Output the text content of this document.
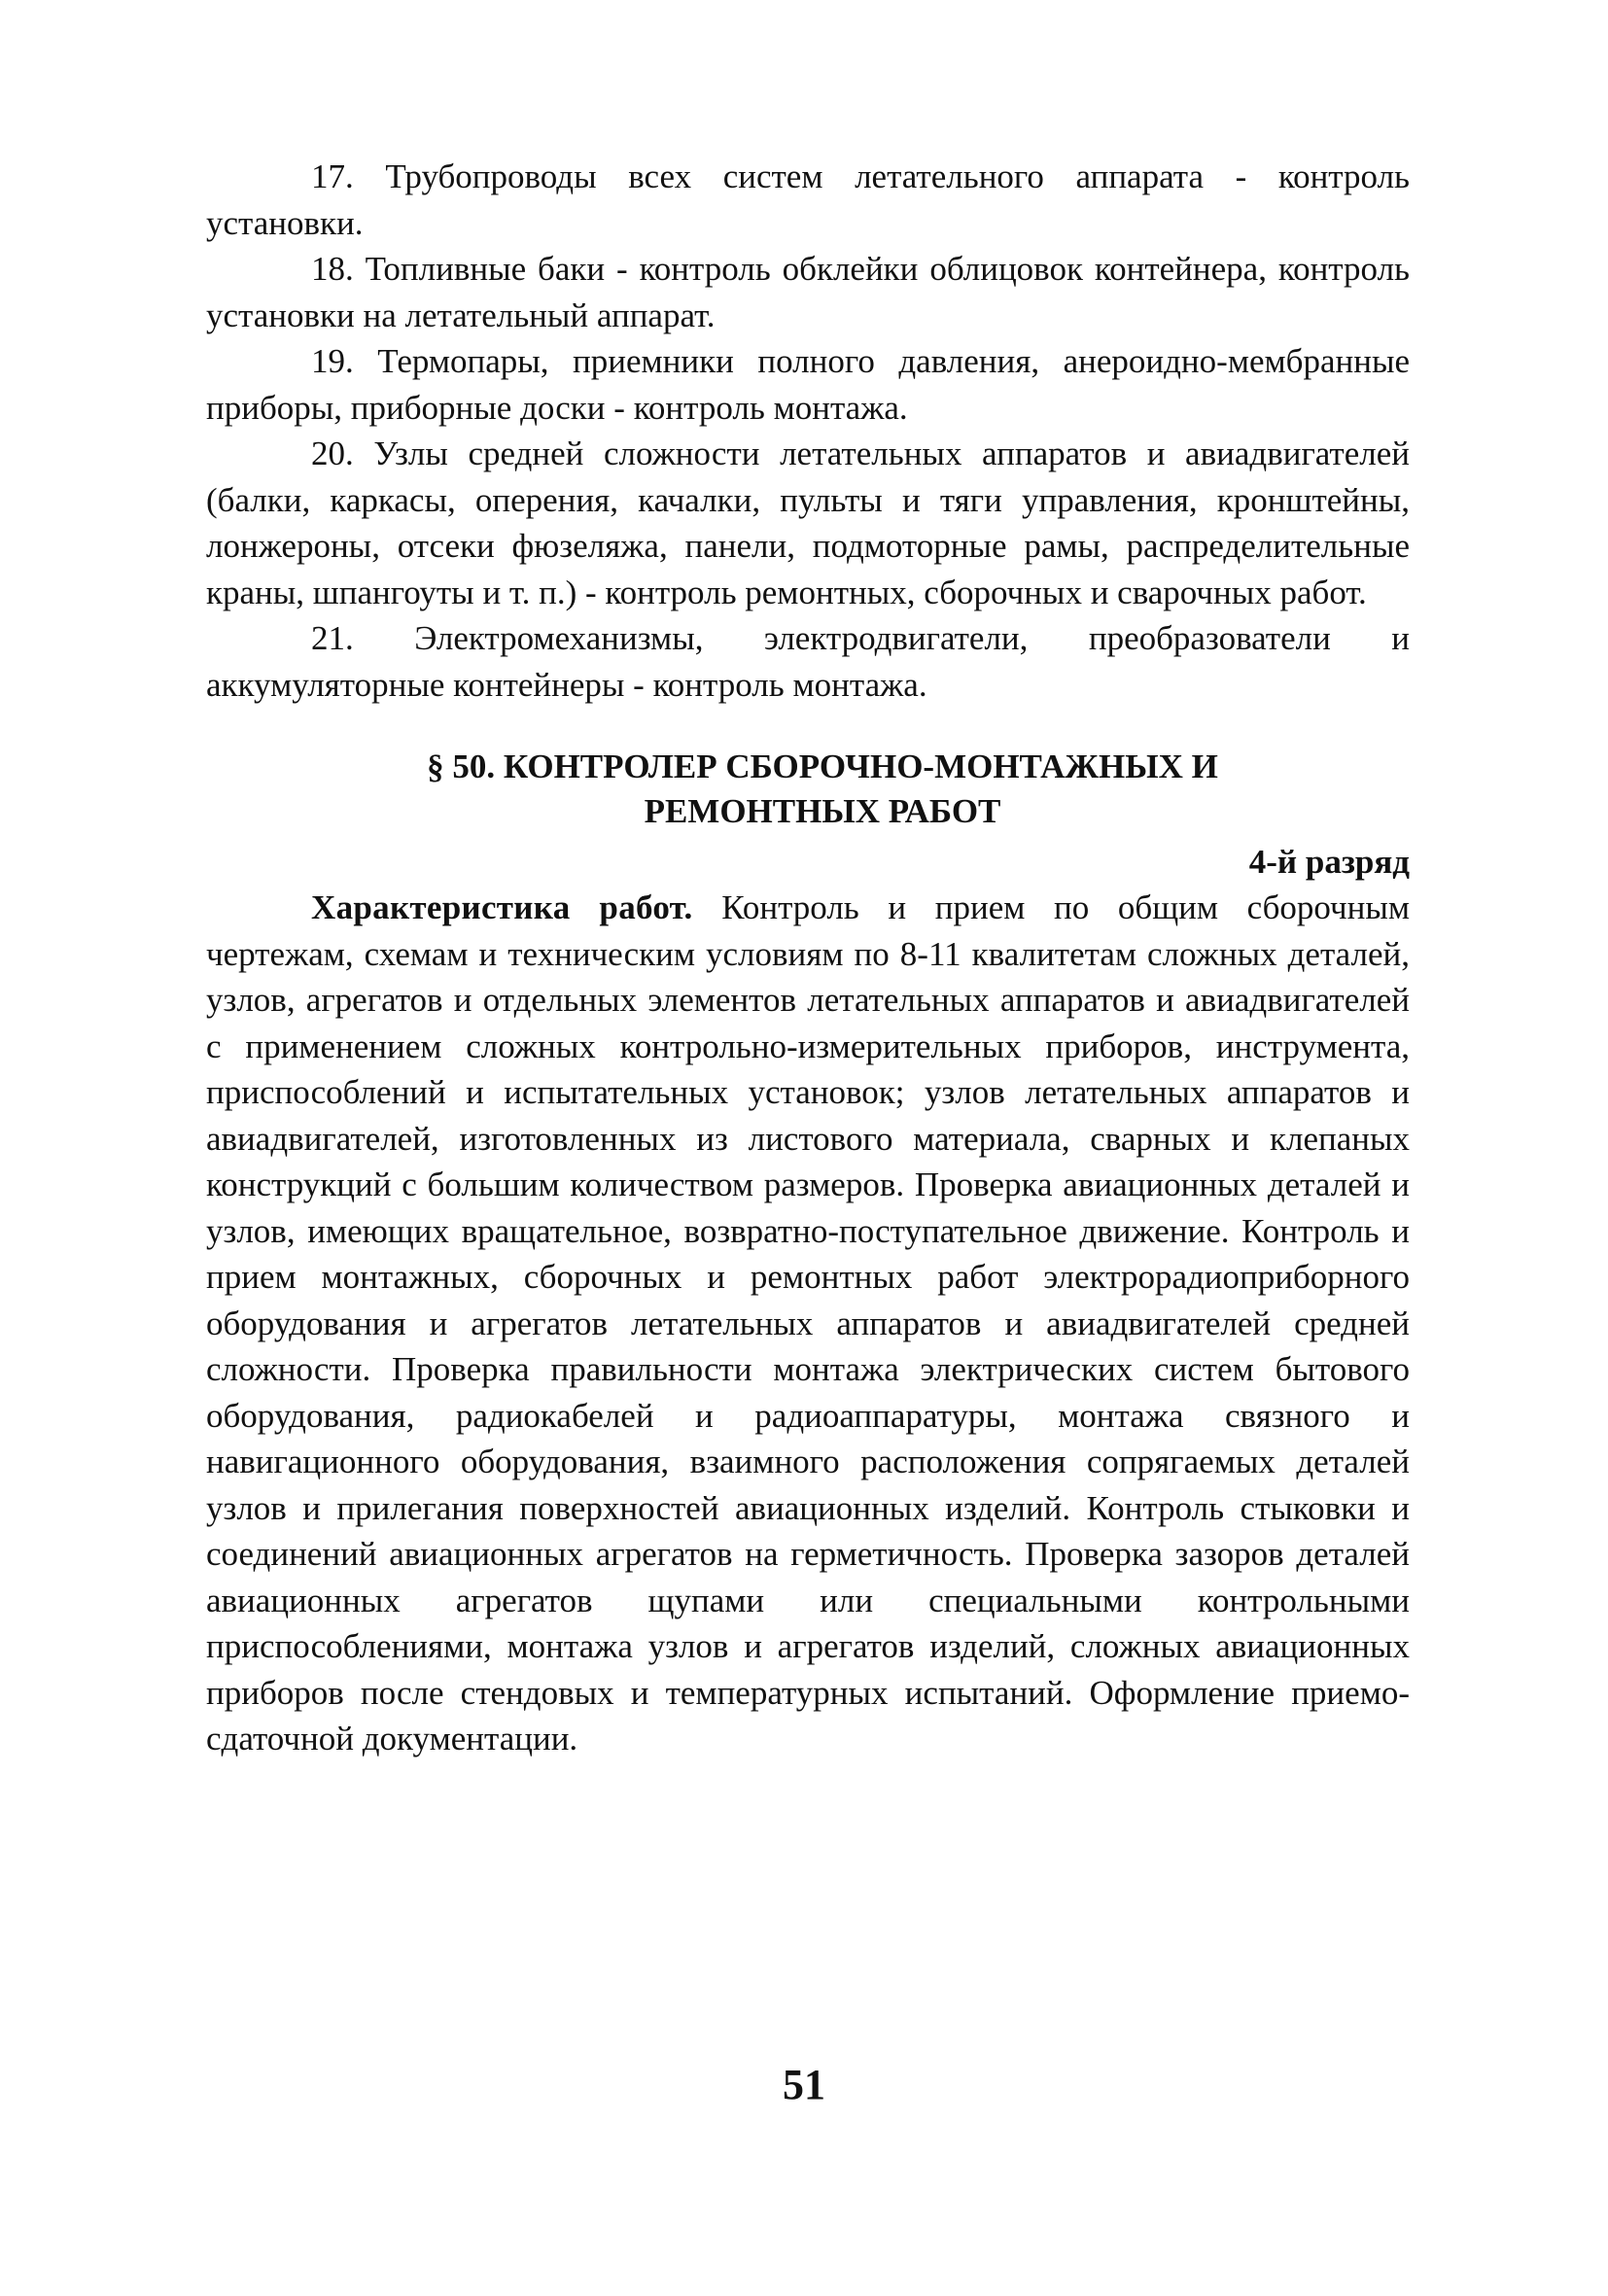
17. Трубопроводы всех систем летательного аппарата - контроль установки.

18. Топливные баки - контроль обклейки облицовок контейнера, контроль установки на летательный аппарат.

19. Термопары, приемники полного давления, анероидно-мембранные приборы, приборные доски - контроль монтажа.

20. Узлы средней сложности летательных аппаратов и авиадвигателей (балки, каркасы, оперения, качалки, пульты и тяги управления, кронштейны, лонжероны, отсеки фюзеляжа, панели, подмоторные рамы, распределительные краны, шпангоуты и т. п.) - контроль ремонтных, сборочных и сварочных работ.

21. Электромеханизмы, электродвигатели, преобразователи и аккумуляторные контейнеры - контроль монтажа.

§ 50. КОНТРОЛЕР СБОРОЧНО-МОНТАЖНЫХ И
РЕМОНТНЫХ РАБОТ
4-й разряд

Характеристика работ. Контроль и прием по общим сборочным чертежам, схемам и техническим условиям по 8-11 квалитетам сложных деталей, узлов, агрегатов и отдельных элементов летательных аппаратов и авиадвигателей с применением сложных контрольно-измерительных приборов, инструмента, приспособлений и испытательных установок; узлов летательных аппаратов и авиадвигателей, изготовленных из листового материала, сварных и клепаных конструкций с большим количеством размеров. Проверка авиационных деталей и узлов, имеющих вращательное, возвратно-поступательное движение. Контроль и прием монтажных, сборочных и ремонтных работ электрорадиоприборного оборудования и агрегатов летательных аппаратов и авиадвигателей средней сложности. Проверка правильности монтажа электрических систем бытового оборудования, радиокабелей и радиоаппаратуры, монтажа связного и навигационного оборудования, взаимного расположения сопрягаемых деталей узлов и прилегания поверхностей авиационных изделий. Контроль стыковки и соединений авиационных агрегатов на герметичность. Проверка зазоров деталей авиационных агрегатов щупами или специальными контрольными приспособлениями, монтажа узлов и агрегатов изделий, сложных авиационных приборов после стендовых и температурных испытаний. Оформление приемо-сдаточной документации.

51
